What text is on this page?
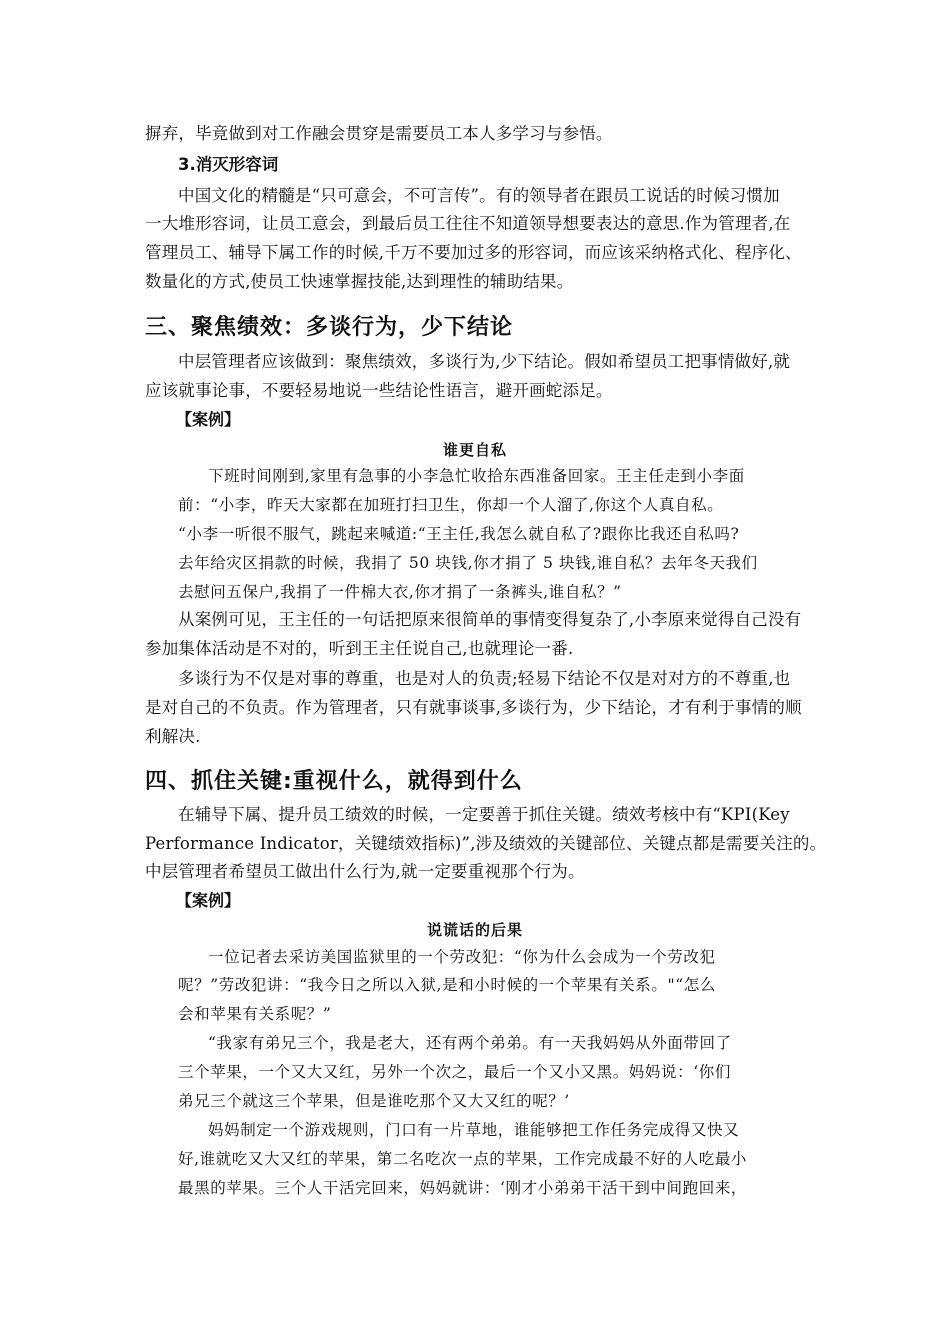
摒弃，毕竟做到对工作融会贯穿是需要员工本人多学习与参悟。
3.消灭形容词
中国文化的精髓是“只可意会，不可言传”。有的领导者在跟员工说话的时候习惯加
一大堆形容词，让员工意会，到最后员工往往不知道领导想要表达的意思.作为管理者,在
管理员工、辅导下属工作的时候,千万不要加过多的形容词，而应该采纳格式化、程序化、
数量化的方式,使员工快速掌握技能,达到理性的辅助结果。
三、聚焦绩效：多谈行为，少下结论
中层管理者应该做到：聚焦绩效，多谈行为,少下结论。假如希望员工把事情做好,就
应该就事论事，不要轻易地说一些结论性语言，避开画蛇添足。
【案例】
谁更自私
下班时间刚到,家里有急事的小李急忙收拾东西准备回家。王主任走到小李面
前：“小李，昨天大家都在加班打扫卫生，你却一个人溜了,你这个人真自私。
“小李一听很不服气，跳起来喊道:“王主任,我怎么就自私了?跟你比我还自私吗?
去年给灾区捐款的时候，我捐了 50 块钱,你才捐了 5 块钱,谁自私？去年冬天我们
去慰问五保户,我捐了一件棉大衣,你才捐了一条裤头,谁自私？”
从案例可见，王主任的一句话把原来很简单的事情变得复杂了,小李原来觉得自己没有
参加集体活动是不对的，听到王主任说自己,也就理论一番.
多谈行为不仅是对事的尊重，也是对人的负责;轻易下结论不仅是对对方的不尊重,也
是对自己的不负责。作为管理者，只有就事谈事,多谈行为，少下结论，才有利于事情的顺
利解决.
四、抓住关键:重视什么，就得到什么
在辅导下属、提升员工绩效的时候，一定要善于抓住关键。绩效考核中有“KPI(Key
Performance Indicator，关键绩效指标)”,涉及绩效的关键部位、关键点都是需要关注的。
中层管理者希望员工做出什么行为,就一定要重视那个行为。
【案例】
说谎话的后果
一位记者去采访美国监狱里的一个劳改犯：“你为什么会成为一个劳改犯
呢？”劳改犯讲：“我今日之所以入狱,是和小时候的一个苹果有关系。"“怎么
会和苹果有关系呢？”
“我家有弟兄三个，我是老大，还有两个弟弟。有一天我妈妈从外面带回了
三个苹果，一个又大又红，另外一个次之，最后一个又小又黑。妈妈说：‘你们
弟兄三个就这三个苹果，但是谁吃那个又大又红的呢？’
妈妈制定一个游戏规则，门口有一片草地，谁能够把工作任务完成得又快又
好,谁就吃又大又红的苹果，第二名吃次一点的苹果，工作完成最不好的人吃最小
最黑的苹果。三个人干活完回来，妈妈就讲：‘刚才小弟弟干活干到中间跑回来，
